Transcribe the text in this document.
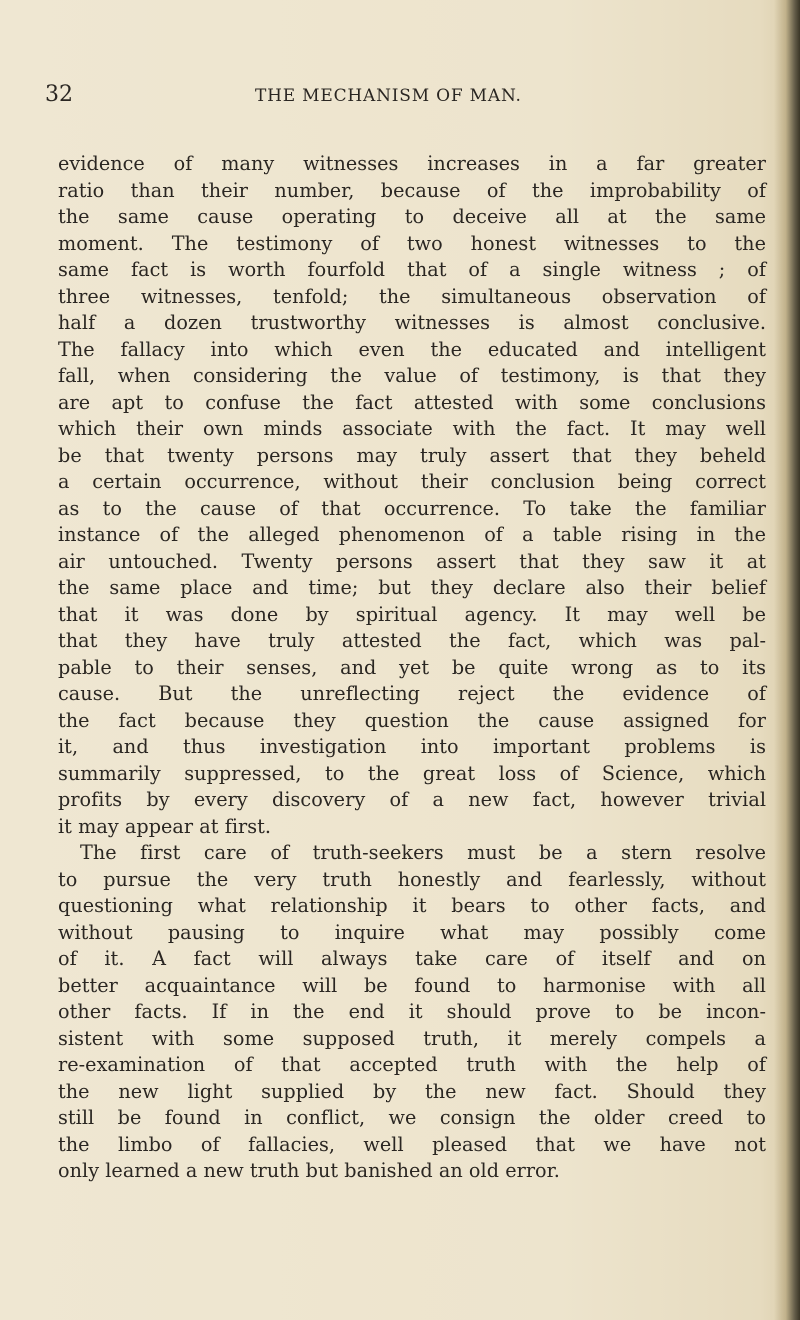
32	THE MECHANISM OF MAN.
evidence of many witnesses increases in a far greater
ratio than their number, because of the improbability of
the same cause operating to deceive all at the same
moment. The testimony of two honest witnesses to the
same fact is worth fourfold that of a single witness ; of
three witnesses, tenfold; the simultaneous observation of
half a dozen trustworthy witnesses is almost conclusive.
The fallacy into which even the educated and intelligent
fall, when considering the value of testimony, is that they
are apt to confuse the fact attested with some conclusions
which their own minds associate with the fact. It may well
be that twenty persons may truly assert that they beheld
a certain occurrence, without their conclusion being correct
as to the cause of that occurrence. To take the familiar
instance of the alleged phenomenon of a table rising in the
air untouched. Twenty persons assert that they saw it at
the same place and time; but they declare also their belief
that it was done by spiritual agency. It may well be
that they have truly attested the fact, which was pal-
pable to their senses, and yet be quite wrong as to its
cause. But the unreflecting reject the evidence of
the fact because they question the cause assigned for
it, and thus investigation into important problems is
summarily suppressed, to the great loss of Science, which
profits by every discovery of a new fact, however trivial
it may appear at first.
The first care of truth-seekers must be a stern resolve
to pursue the very truth honestly and fearlessly, without
questioning what relationship it bears to other facts, and
without pausing to inquire what may possibly come
of it. A fact will always take care of itself and on
better acquaintance will be found to harmonise with all
other facts. If in the end it should prove to be incon-
sistent with some supposed truth, it merely compels a
re-examination of that accepted truth with the help of
the new light supplied by the new fact. Should they
still be found in conflict, we consign the older creed to
the limbo of fallacies, well pleased that we have not
only learned a new truth but banished an old error.
